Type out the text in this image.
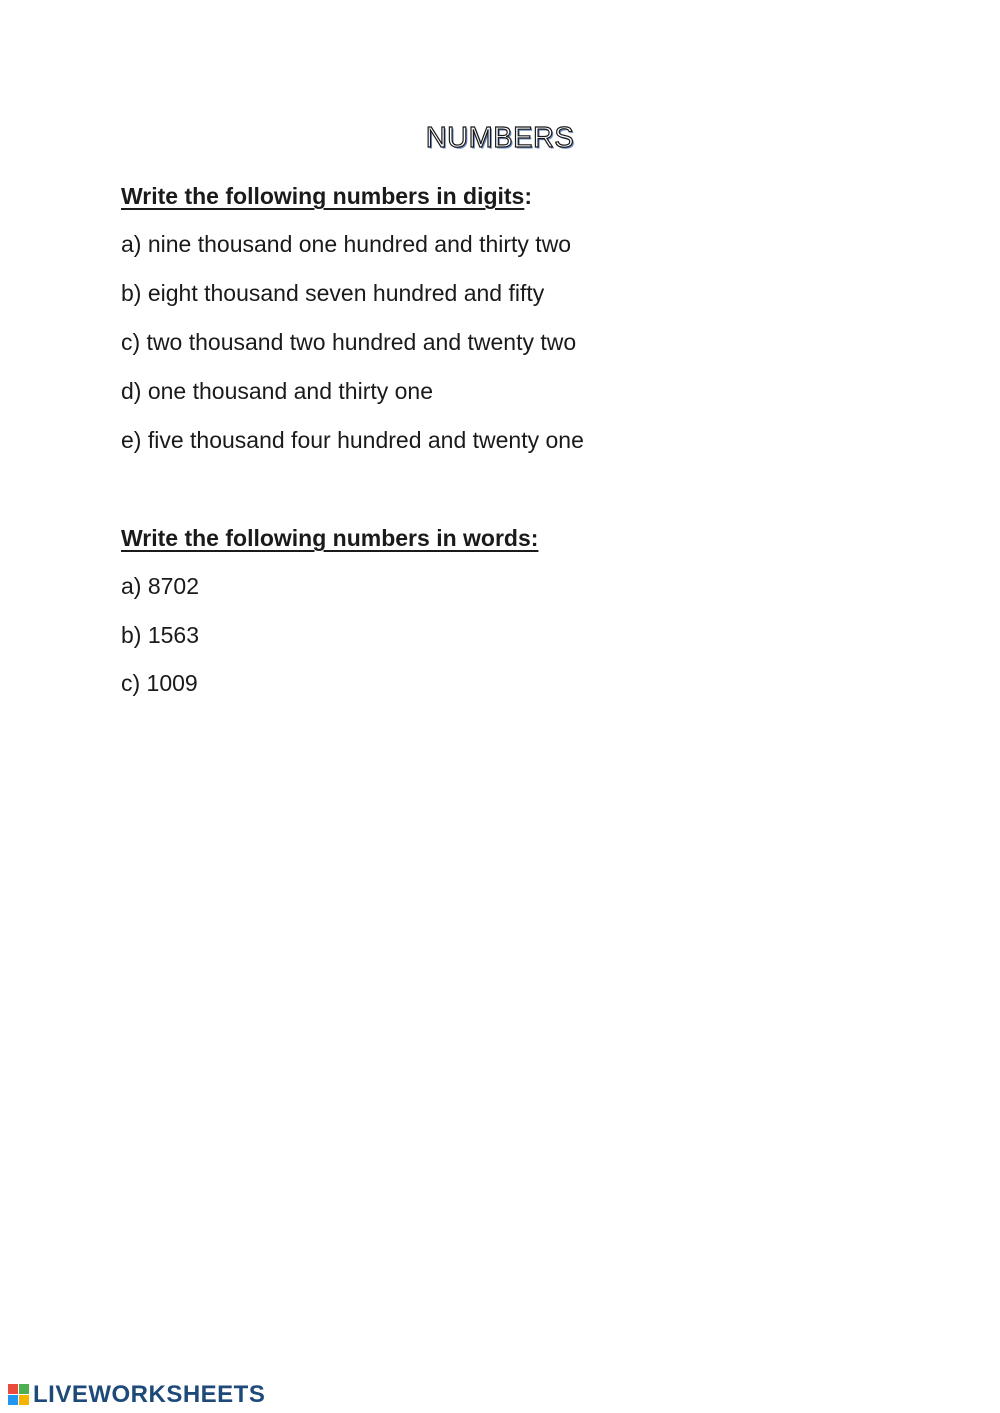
NUMBERS

Write the following numbers in digits:

a) nine thousand one hundred and thirty two

b) eight thousand seven hundred and fifty

c) two thousand two hundred and twenty two

d) one thousand and thirty one

e) five thousand four hundred and twenty one

Write the following numbers in words:

a) 8702

b) 1563

c) 1009

LIVEWORKSHEETS
